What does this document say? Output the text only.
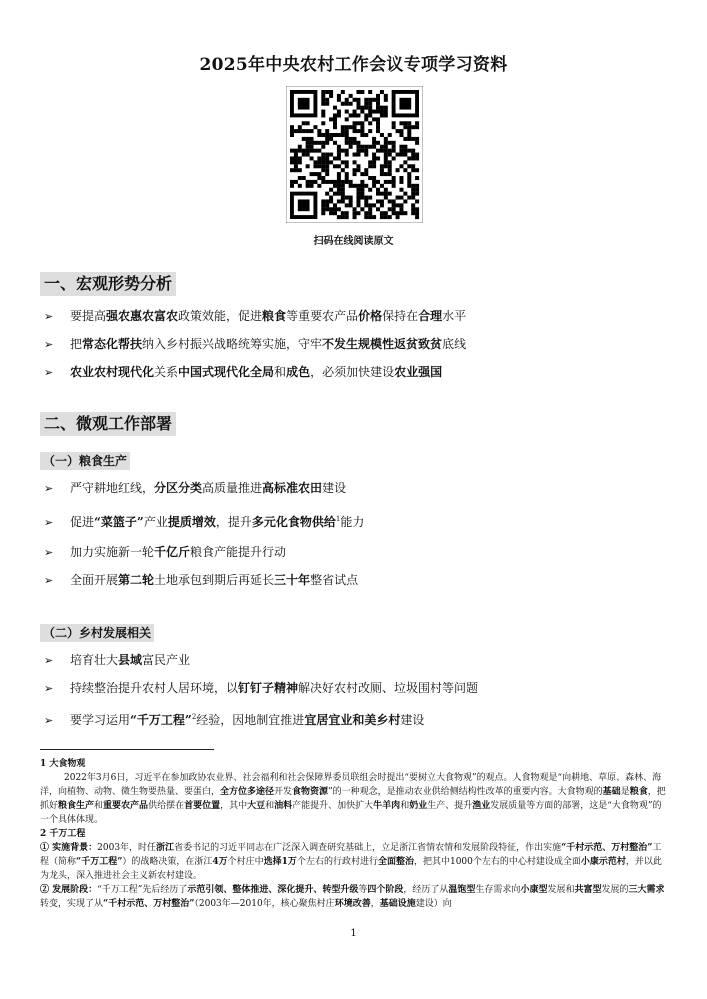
2025年中央农村工作会议专项学习资料
扫码在线阅读原文
一、宏观形势分析
➢ 要提高强农惠农富农政策效能，促进粮食等重要农产品价格保持在合理水平
➢ 把常态化帮扶纳入乡村振兴战略统筹实施，守牢不发生规模性返贫致贫底线
➢ 农业农村现代化关系中国式现代化全局和成色，必须加快建设农业强国
二、微观工作部署
（一）粮食生产
➢ 严守耕地红线，分区分类高质量推进高标准农田建设
➢ 促进“菜篮子”产业提质增效，提升多元化食物供给$^1$能力
➢ 加力实施新一轮千亿斤粮食产能提升行动
➢ 全面开展第二轮土地承包到期后再延长三十年整省试点
（二）乡村发展相关
➢ 培育壮大县域富民产业
➢ 持续整治提升农村人居环境，以钉钉子精神解决好农村改厕、垃圾围村等问题
➢ 要学习运用“千万工程”$^2$经验，因地制宜推进宜居宜业和美乡村建设
1 大食物观
2022年3月6日，习近平在参加政协农业界、社会福利和社会保障界委员联组会时提出“要树立大食物观”的观点。人食物观是“向耕地、草原、森林、海洋，向植物、动物、微生物要热量、要蛋白，全方位多途径开发食物资源”的一种观念，是推动农业供给侧结构性改革的重要内容。大食物观的基础是粮食，把抓好粮食生产和重要农产品供给摆在首要位置，其中大豆和油料产能提升、加快扩大牛羊肉和奶业生产、提升渔业发展质量等方面的部署，这是“大食物观”的一个具体体现。
2 千万工程
① 实施背景：2003年，时任浙江省委书记的习近平同志在广泛深入调查研究基础上，立足浙江省情农情和发展阶段特征，作出实施“千村示范、万村整治”工程（简称“千万工程”）的战略决策，在浙江4万个村庄中选择1万个左右的行政村进行全面整治，把其中1000个左右的中心村建设成全面小康示范村，并以此为龙头，深入推进社会主义新农村建设。
② 发展阶段：“千万工程”先后经历了示范引领、整体推进、深化提升、转型升级等四个阶段，经历了从温饱型生存需求向小康型发展和共富型发展的三大需求转变，实现了从“千村示范、万村整治”（2003年—2010年，核心聚焦村庄环境改善，基础设施建设）向
1
